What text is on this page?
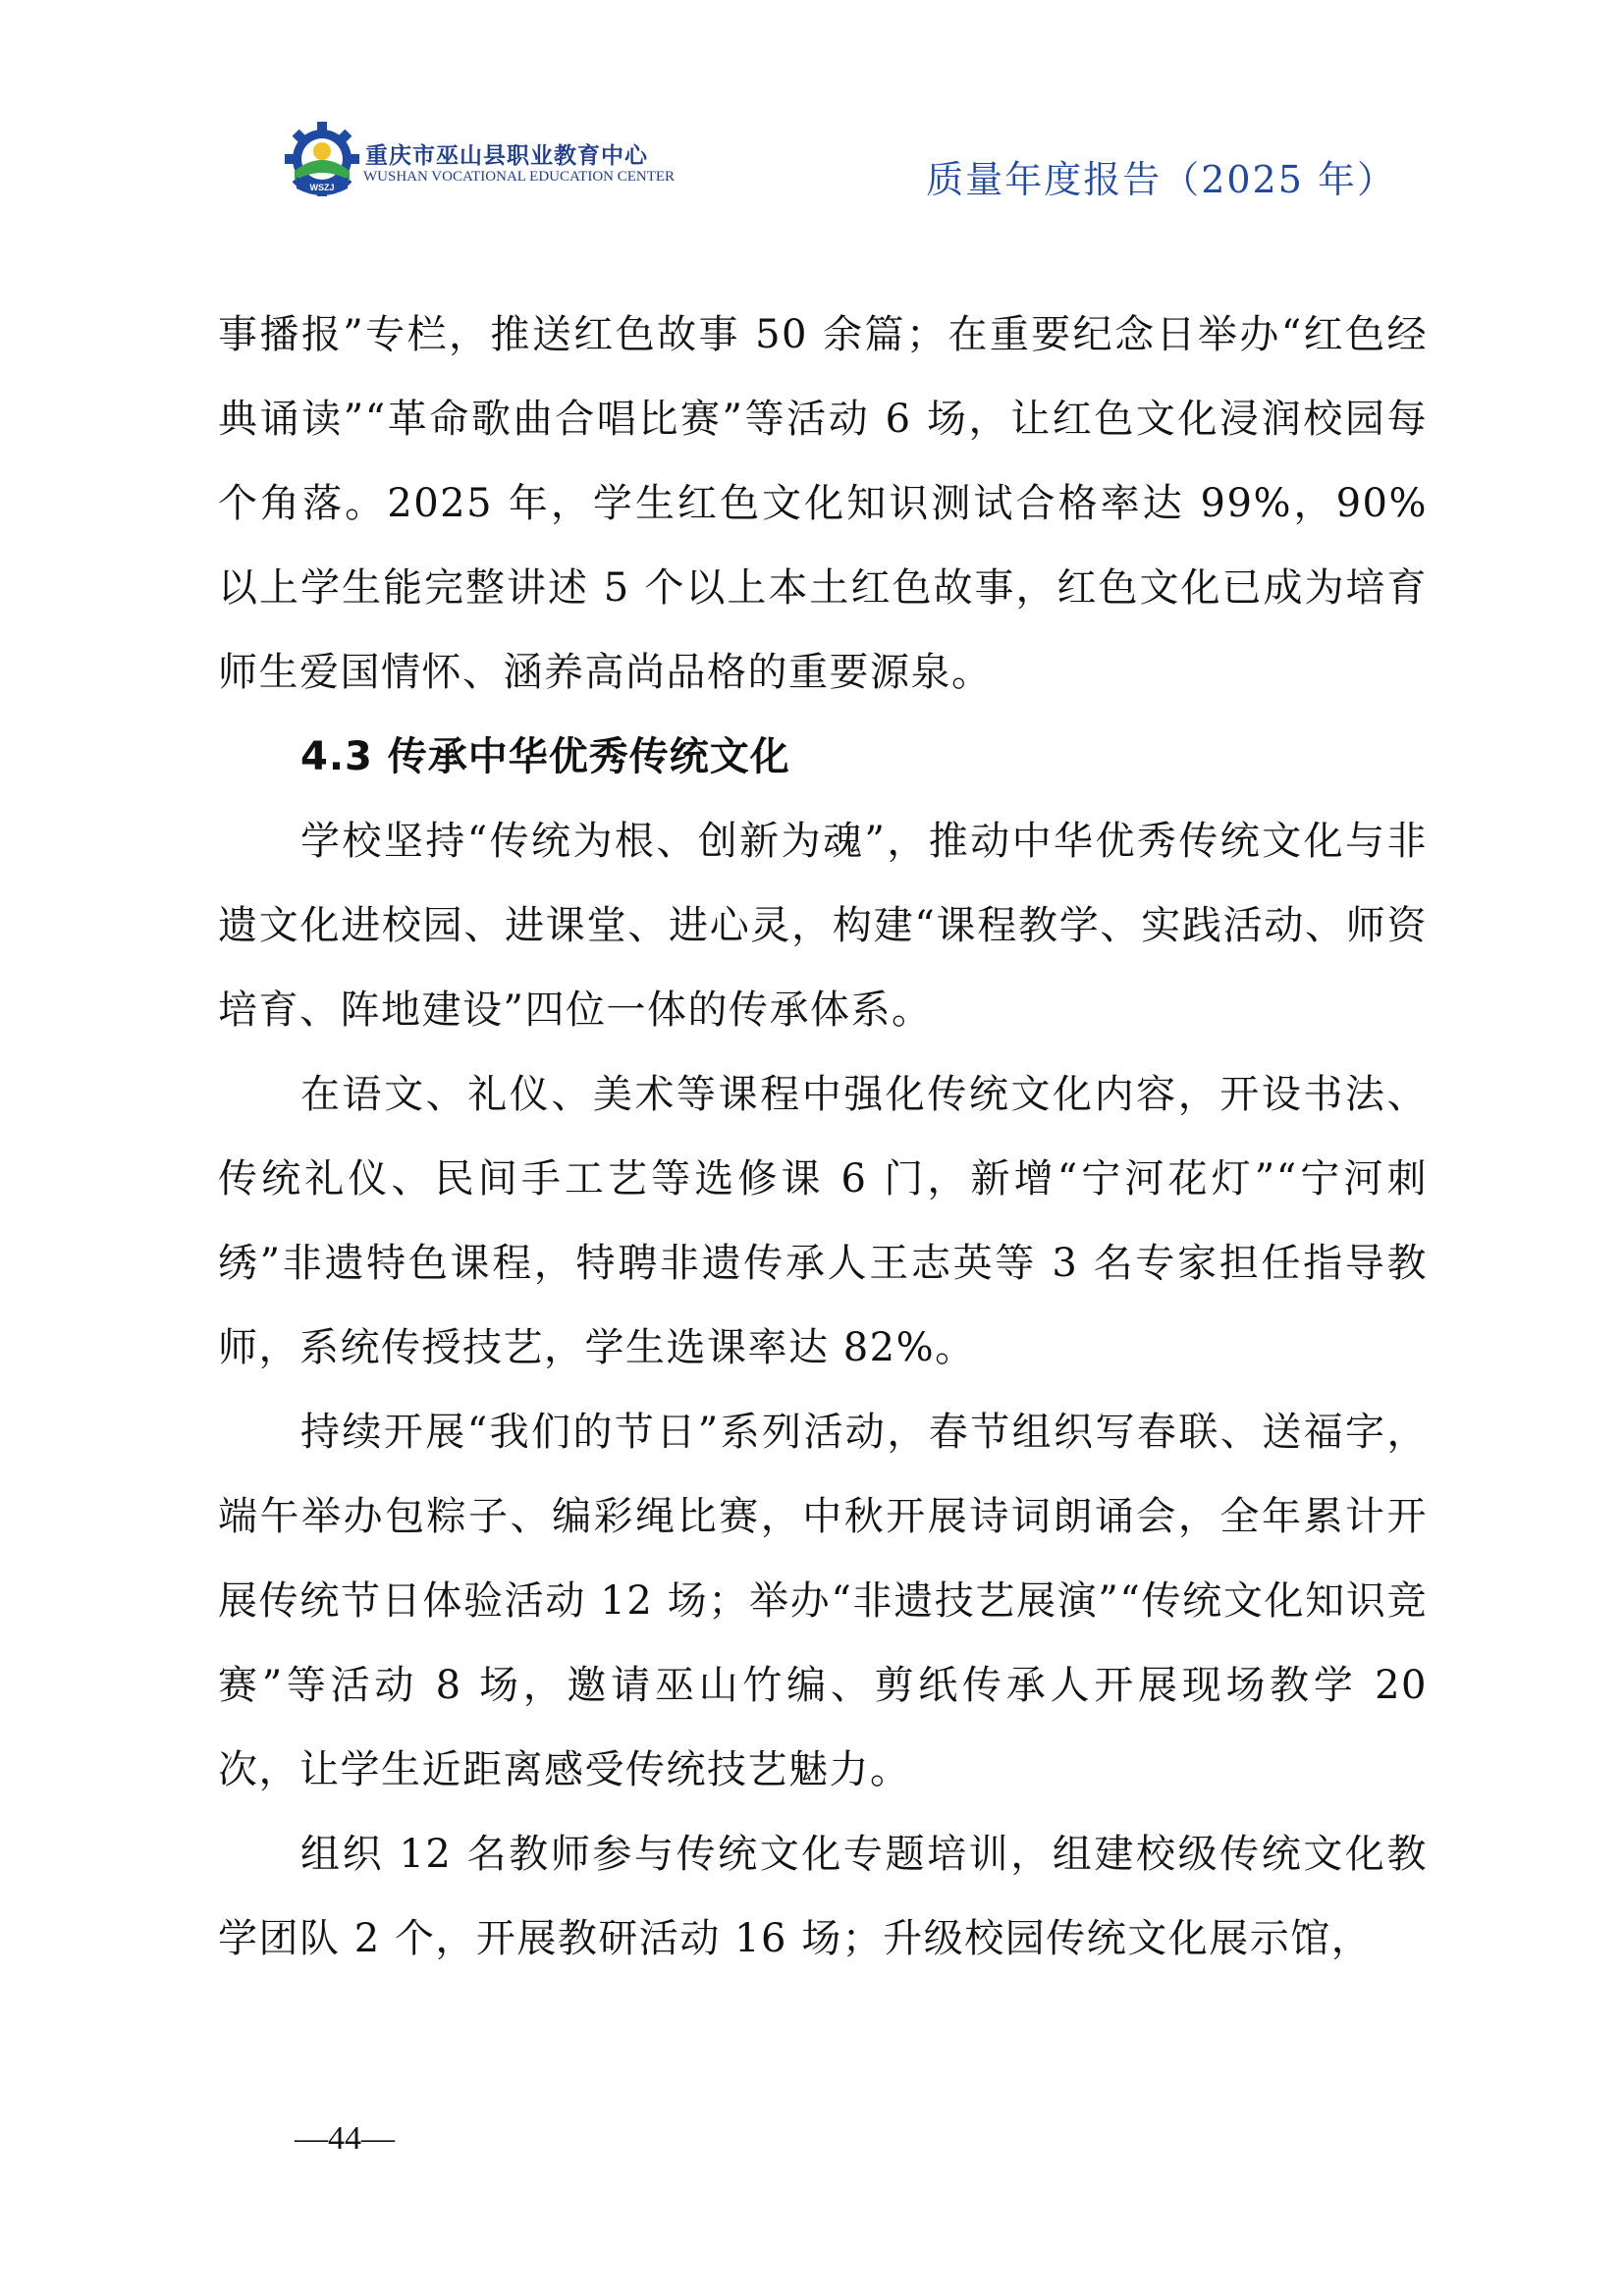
WSZJ
重庆市巫山县职业教育中心
WUSHAN VOCATIONAL EDUCATION CENTER	质量年度报告（2025 年）

事播报”专栏，推送红色故事 50 余篇；在重要纪念日举办“红色经典诵读”“革命歌曲合唱比赛”等活动 6 场，让红色文化浸润校园每个角落。2025 年，学生红色文化知识测试合格率达 99%，90%以上学生能完整讲述 5 个以上本土红色故事，红色文化已成为培育师生爱国情怀、涵养高尚品格的重要源泉。

4.3 传承中华优秀传统文化

学校坚持“传统为根、创新为魂”，推动中华优秀传统文化与非遗文化进校园、进课堂、进心灵，构建“课程教学、实践活动、师资培育、阵地建设”四位一体的传承体系。

在语文、礼仪、美术等课程中强化传统文化内容，开设书法、传统礼仪、民间手工艺等选修课 6 门，新增“宁河花灯”“宁河刺绣”非遗特色课程，特聘非遗传承人王志英等 3 名专家担任指导教师，系统传授技艺，学生选课率达 82%。

持续开展“我们的节日”系列活动，春节组织写春联、送福字，端午举办包粽子、编彩绳比赛，中秋开展诗词朗诵会，全年累计开展传统节日体验活动 12 场；举办“非遗技艺展演”“传统文化知识竞赛”等活动 8 场，邀请巫山竹编、剪纸传承人开展现场教学 20 次，让学生近距离感受传统技艺魅力。

组织 12 名教师参与传统文化专题培训，组建校级传统文化教学团队 2 个，开展教研活动 16 场；升级校园传统文化展示馆，

—44—
